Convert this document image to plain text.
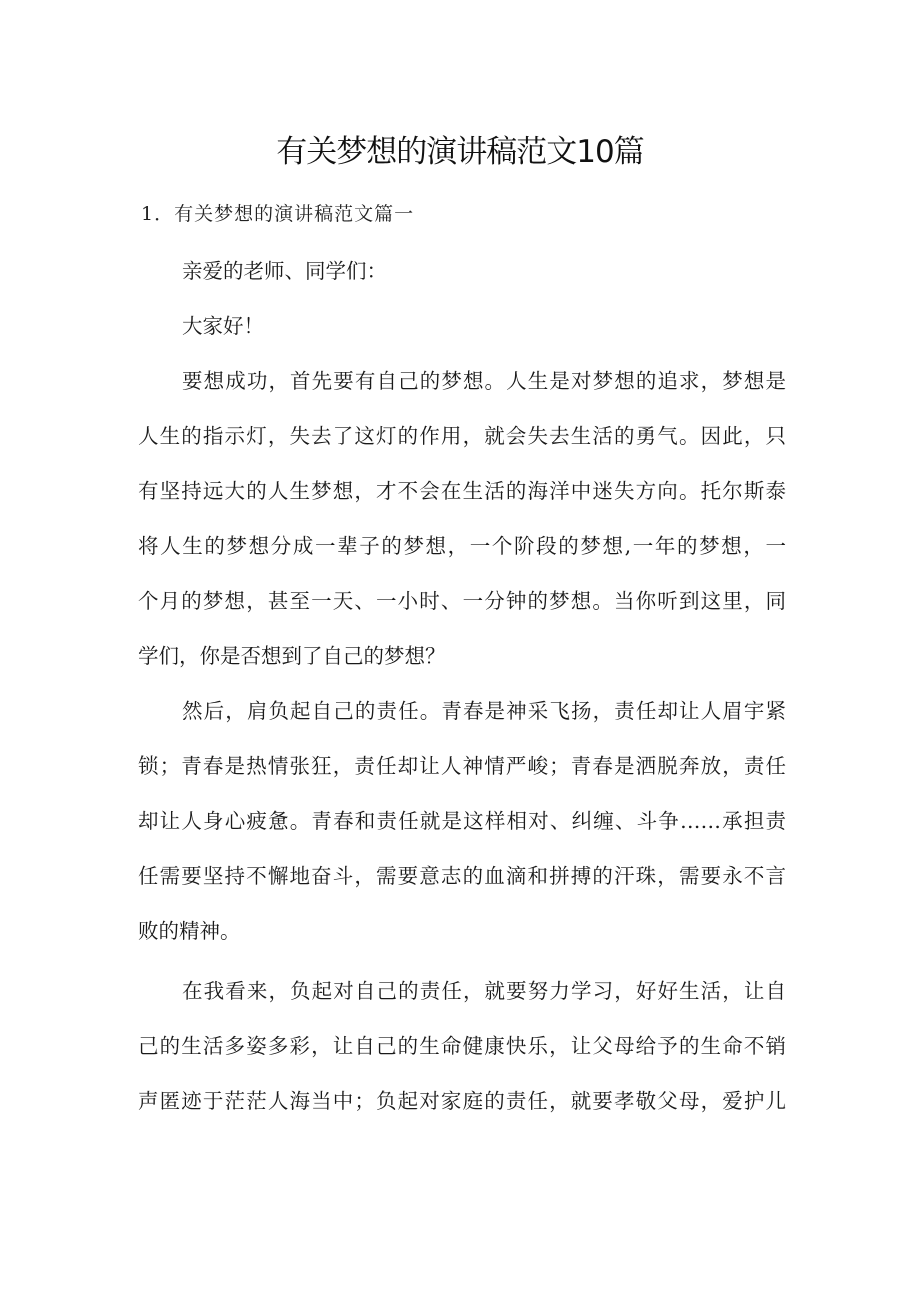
有关梦想的演讲稿范文10篇
1．有关梦想的演讲稿范文篇一
亲爱的老师、同学们：
大家好！
要想成功，首先要有自己的梦想。人生是对梦想的追求，梦想是
人生的指示灯，失去了这灯的作用，就会失去生活的勇气。因此，只
有坚持远大的人生梦想，才不会在生活的海洋中迷失方向。托尔斯泰
将人生的梦想分成一辈子的梦想，一个阶段的梦想,一年的梦想，一
个月的梦想，甚至一天、一小时、一分钟的梦想。当你听到这里，同
学们，你是否想到了自己的梦想？
然后，肩负起自己的责任。青春是神采飞扬，责任却让人眉宇紧
锁；青春是热情张狂，责任却让人神情严峻；青春是洒脱奔放，责任
却让人身心疲惫。青春和责任就是这样相对、纠缠、斗争……承担责
任需要坚持不懈地奋斗，需要意志的血滴和拼搏的汗珠，需要永不言
败的精神。
在我看来，负起对自己的责任，就要努力学习，好好生活，让自
己的生活多姿多彩，让自己的生命健康快乐，让父母给予的生命不销
声匿迹于茫茫人海当中；负起对家庭的责任，就要孝敬父母，爱护儿
